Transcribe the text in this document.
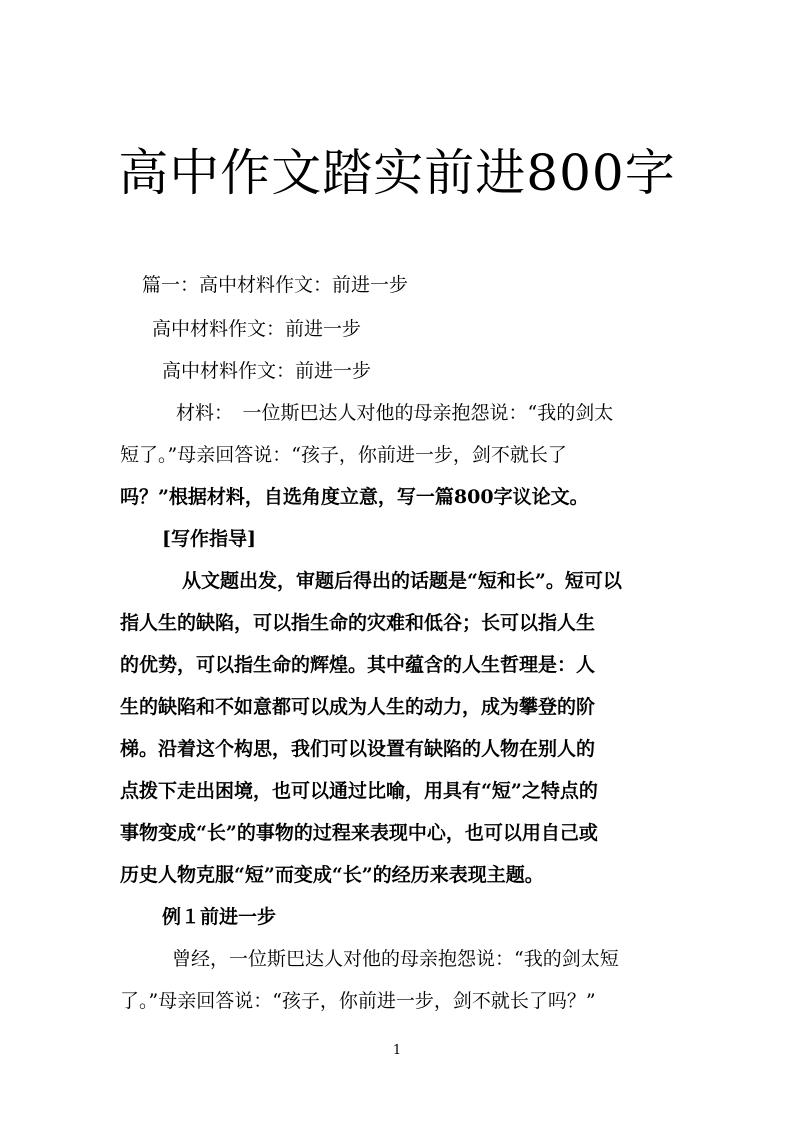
高中作文踏实前进800字

篇一：高中材料作文：前进一步

高中材料作文：前进一步

高中材料作文：前进一步

材料：　一位斯巴达人对他的母亲抱怨说：“我的剑太

短了。”母亲回答说：“孩子，你前进一步，剑不就长了

吗？”根据材料，自选角度立意，写一篇800字议论文。

[写作指导]

从文题出发，审题后得出的话题是“短和长”。短可以

指人生的缺陷，可以指生命的灾难和低谷；长可以指人生

的优势，可以指生命的辉煌。其中蕴含的人生哲理是：人

生的缺陷和不如意都可以成为人生的动力，成为攀登的阶

梯。沿着这个构思，我们可以设置有缺陷的人物在别人的

点拨下走出困境，也可以通过比喻，用具有“短”之特点的

事物变成“长”的事物的过程来表现中心，也可以用自己或

历史人物克服“短”而变成“长”的经历来表现主题。

例１前进一步

曾经，一位斯巴达人对他的母亲抱怨说：“我的剑太短

了。”母亲回答说：“孩子，你前进一步，剑不就长了吗？”

1
